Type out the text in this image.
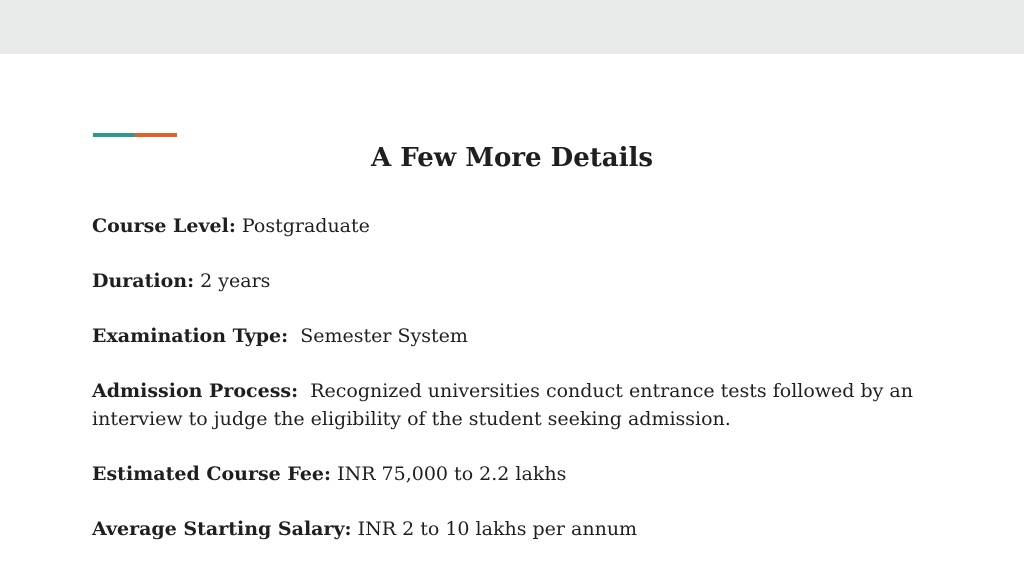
A Few More Details

Course Level: Postgraduate

Duration: 2 years

Examination Type: Semester System

Admission Process: Recognized universities conduct entrance tests followed by an interview to judge the eligibility of the student seeking admission.

Estimated Course Fee: INR 75,000 to 2.2 lakhs

Average Starting Salary: INR 2 to 10 lakhs per annum
